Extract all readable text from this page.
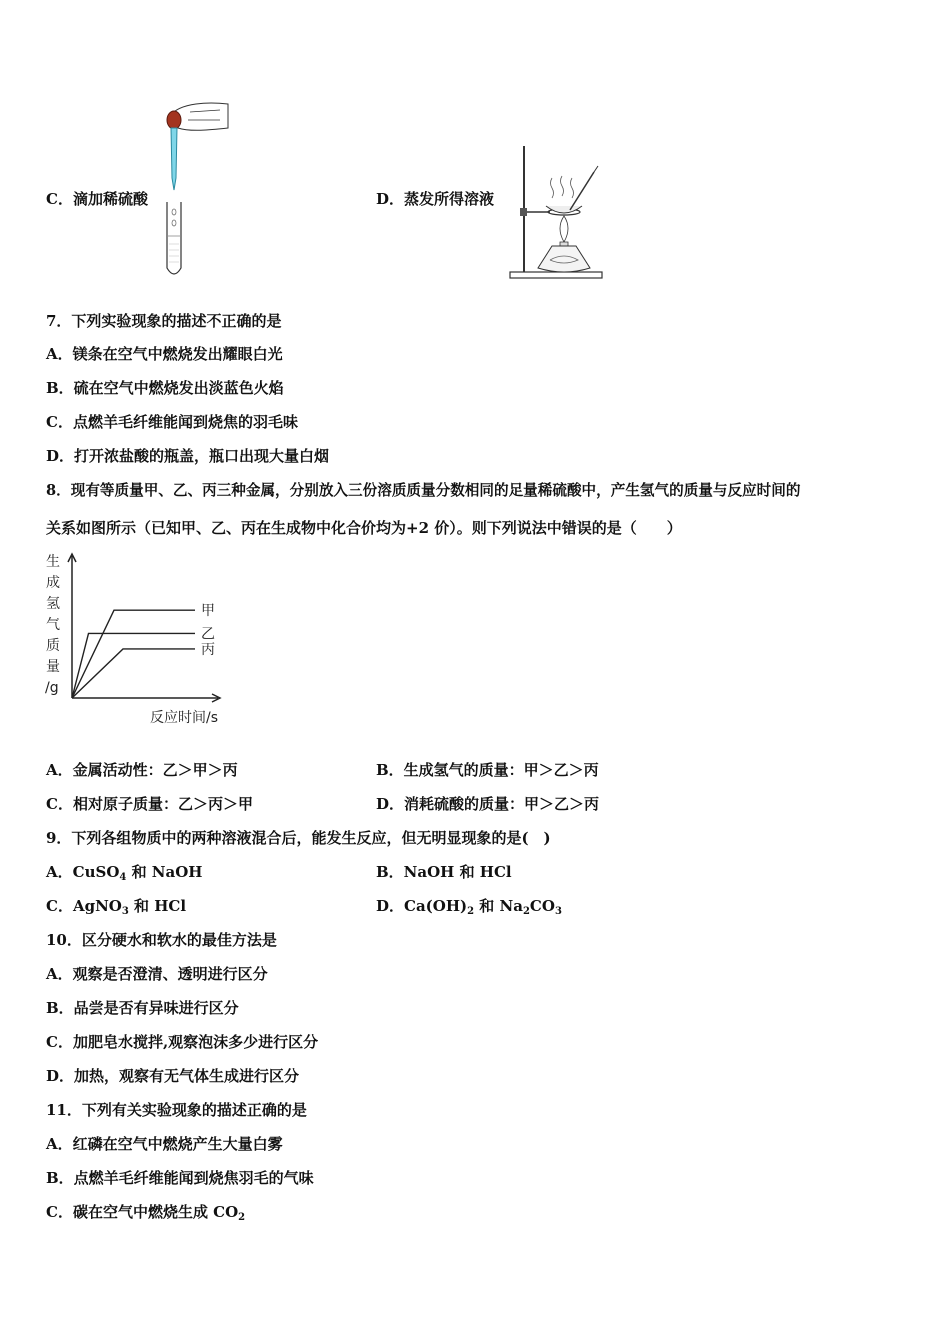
C．滴加稀硫酸	D．蒸发所得溶液
7．下列实验现象的描述不正确的是
A．镁条在空气中燃烧发出耀眼白光
B．硫在空气中燃烧发出淡蓝色火焰
C．点燃羊毛纤维能闻到烧焦的羽毛味
D．打开浓盐酸的瓶盖，瓶口出现大量白烟
8．现有等质量甲、乙、丙三种金属，分别放入三份溶质质量分数相同的足量稀硫酸中，产生氢气的质量与反应时间的
关系如图所示（已知甲、乙、丙在生成物中化合价均为+2 价）。则下列说法中错误的是（　　）
生
成
氢
气
质
量
/g
甲
乙
丙
反应时间/s
A．金属活动性：乙＞甲＞丙	B．生成氢气的质量：甲＞乙＞丙
C．相对原子质量：乙＞丙＞甲	D．消耗硫酸的质量：甲＞乙＞丙
9．下列各组物质中的两种溶液混合后，能发生反应，但无明显现象的是(　)
A．CuSO$_4$ 和 NaOH	B．NaOH 和 HCl
C．AgNO$_3$ 和 HCl	D．$Ca(OH)_2$ 和 $Na_2CO_3$
10．区分硬水和软水的最佳方法是
A．观察是否澄清、透明进行区分
B．品尝是否有异味进行区分
C．加肥皂水搅拌,观察泡沫多少进行区分
D．加热，观察有无气体生成进行区分
11．下列有关实验现象的描述正确的是
A．红磷在空气中燃烧产生大量白雾
B．点燃羊毛纤维能闻到烧焦羽毛的气味
C．碳在空气中燃烧生成 $CO_2$
